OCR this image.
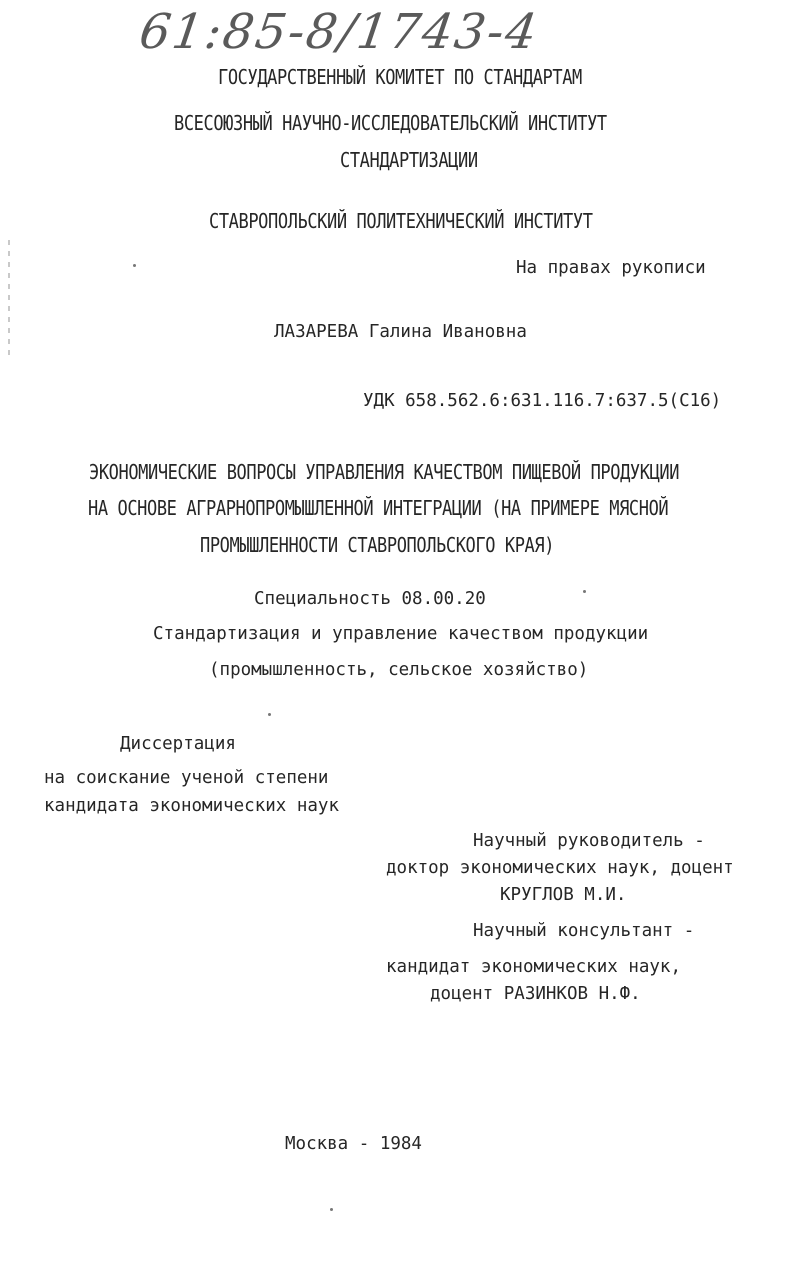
61:85-8/1743-4
ГОСУДАРСТВЕННЫЙ КОМИТЕТ ПО СТАНДАРТАМ
ВСЕСОЮЗНЫЙ НАУЧНО-ИССЛЕДОВАТЕЛЬСКИЙ ИНСТИТУТ
СТАНДАРТИЗАЦИИ
СТАВРОПОЛЬСКИЙ ПОЛИТЕХНИЧЕСКИЙ ИНСТИТУТ
На правах рукописи
ЛАЗАРЕВА Галина Ивановна
УДК 658.562.6:631.116.7:637.5(С16)
ЭКОНОМИЧЕСКИЕ ВОПРОСЫ УПРАВЛЕНИЯ КАЧЕСТВОМ ПИЩЕВОЙ ПРОДУКЦИИ
НА ОСНОВЕ АГРАРНОПРОМЫШЛЕННОЙ ИНТЕГРАЦИИ (НА ПРИМЕРЕ МЯСНОЙ
ПРОМЫШЛЕННОСТИ СТАВРОПОЛЬСКОГО КРАЯ)
Специальность 08.00.20
Стандартизация и управление качеством продукции
(промышленность, сельское хозяйство)
Диссертация
на соискание ученой степени
кандидата экономических наук
Научный руководитель -
доктор экономических наук, доцент
КРУГЛОВ М.И.
Научный консультант -
кандидат экономических наук,
доцент РАЗИНКОВ Н.Ф.
Москва - 1984
